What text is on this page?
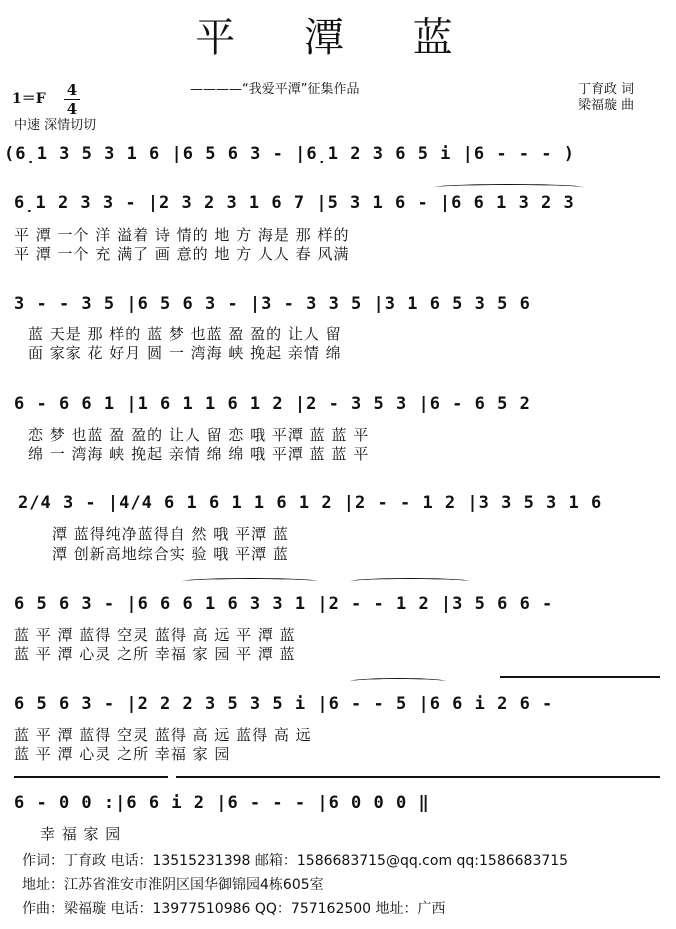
平 潭 蓝
————“我爱平潭”征集作品
1＝F 4
4
中速 深情切切
丁育政 词
梁福璇 曲
(6̣1 3 5 3 1 6 |6 5 6 3 - |6̣1 2 3 6 5 i |6 - - - )
6̣1 2 3 3 - |2 3 2 3 1 6 7 |5 3 1 6 - |6 6 1 3 2 3
平 潭 一个 洋 溢着 诗 情的 地 方 海是 那 样的
平 潭 一个 充 满了 画 意的 地 方 人人 春 风满
3 - - 3 5 |6 5 6 3 - |3 - 3 3 5 |3 1 6 5 3 5 6
蓝 天是 那 样的 蓝 梦 也蓝 盈 盈的 让人 留
面 家家 花 好月 圆 一 湾海 峡 挽起 亲情 绵
6 - 6 6 1 |1 6 1 1 6 1 2 |2 - 3 5 3 |6 - 6 5 2
恋 梦 也蓝 盈 盈的 让人 留 恋 哦 平潭 蓝 蓝 平
绵 一 湾海 峡 挽起 亲情 绵 绵 哦 平潭 蓝 蓝 平
2/4 3 - |4/4 6 1 6 1 1 6 1 2 |2 - - 1 2 |3 3 5 3 1 6
潭 蓝得纯净蓝得自 然 哦 平潭 蓝
潭 创新高地综合实 验 哦 平潭 蓝
6 5 6 3 - |6 6 6 1 6 3 3 1 |2 - - 1 2 |3 5 6 6 -
蓝 平 潭 蓝得 空灵 蓝得 高 远 平 潭 蓝
蓝 平 潭 心灵 之所 幸福 家 园 平 潭 蓝
6 5 6 3 - |2 2 2 3 5 3 5 i |6 - - 5 |6 6 i 2 6 -
蓝 平 潭 蓝得 空灵 蓝得 高 远 蓝得 高 远
蓝 平 潭 心灵 之所 幸福 家 园
6 - 0 0 :|6 6 i 2 |6 - - - |6 0 0 0 ‖
幸 福 家 园
作词：丁育政 电话：13515231398 邮箱：1586683715@qq.com qq:1586683715
地址：江苏省淮安市淮阴区国华御锦园4栋605室
作曲：梁福璇 电话：13977510986 QQ：757162500 地址：广西
